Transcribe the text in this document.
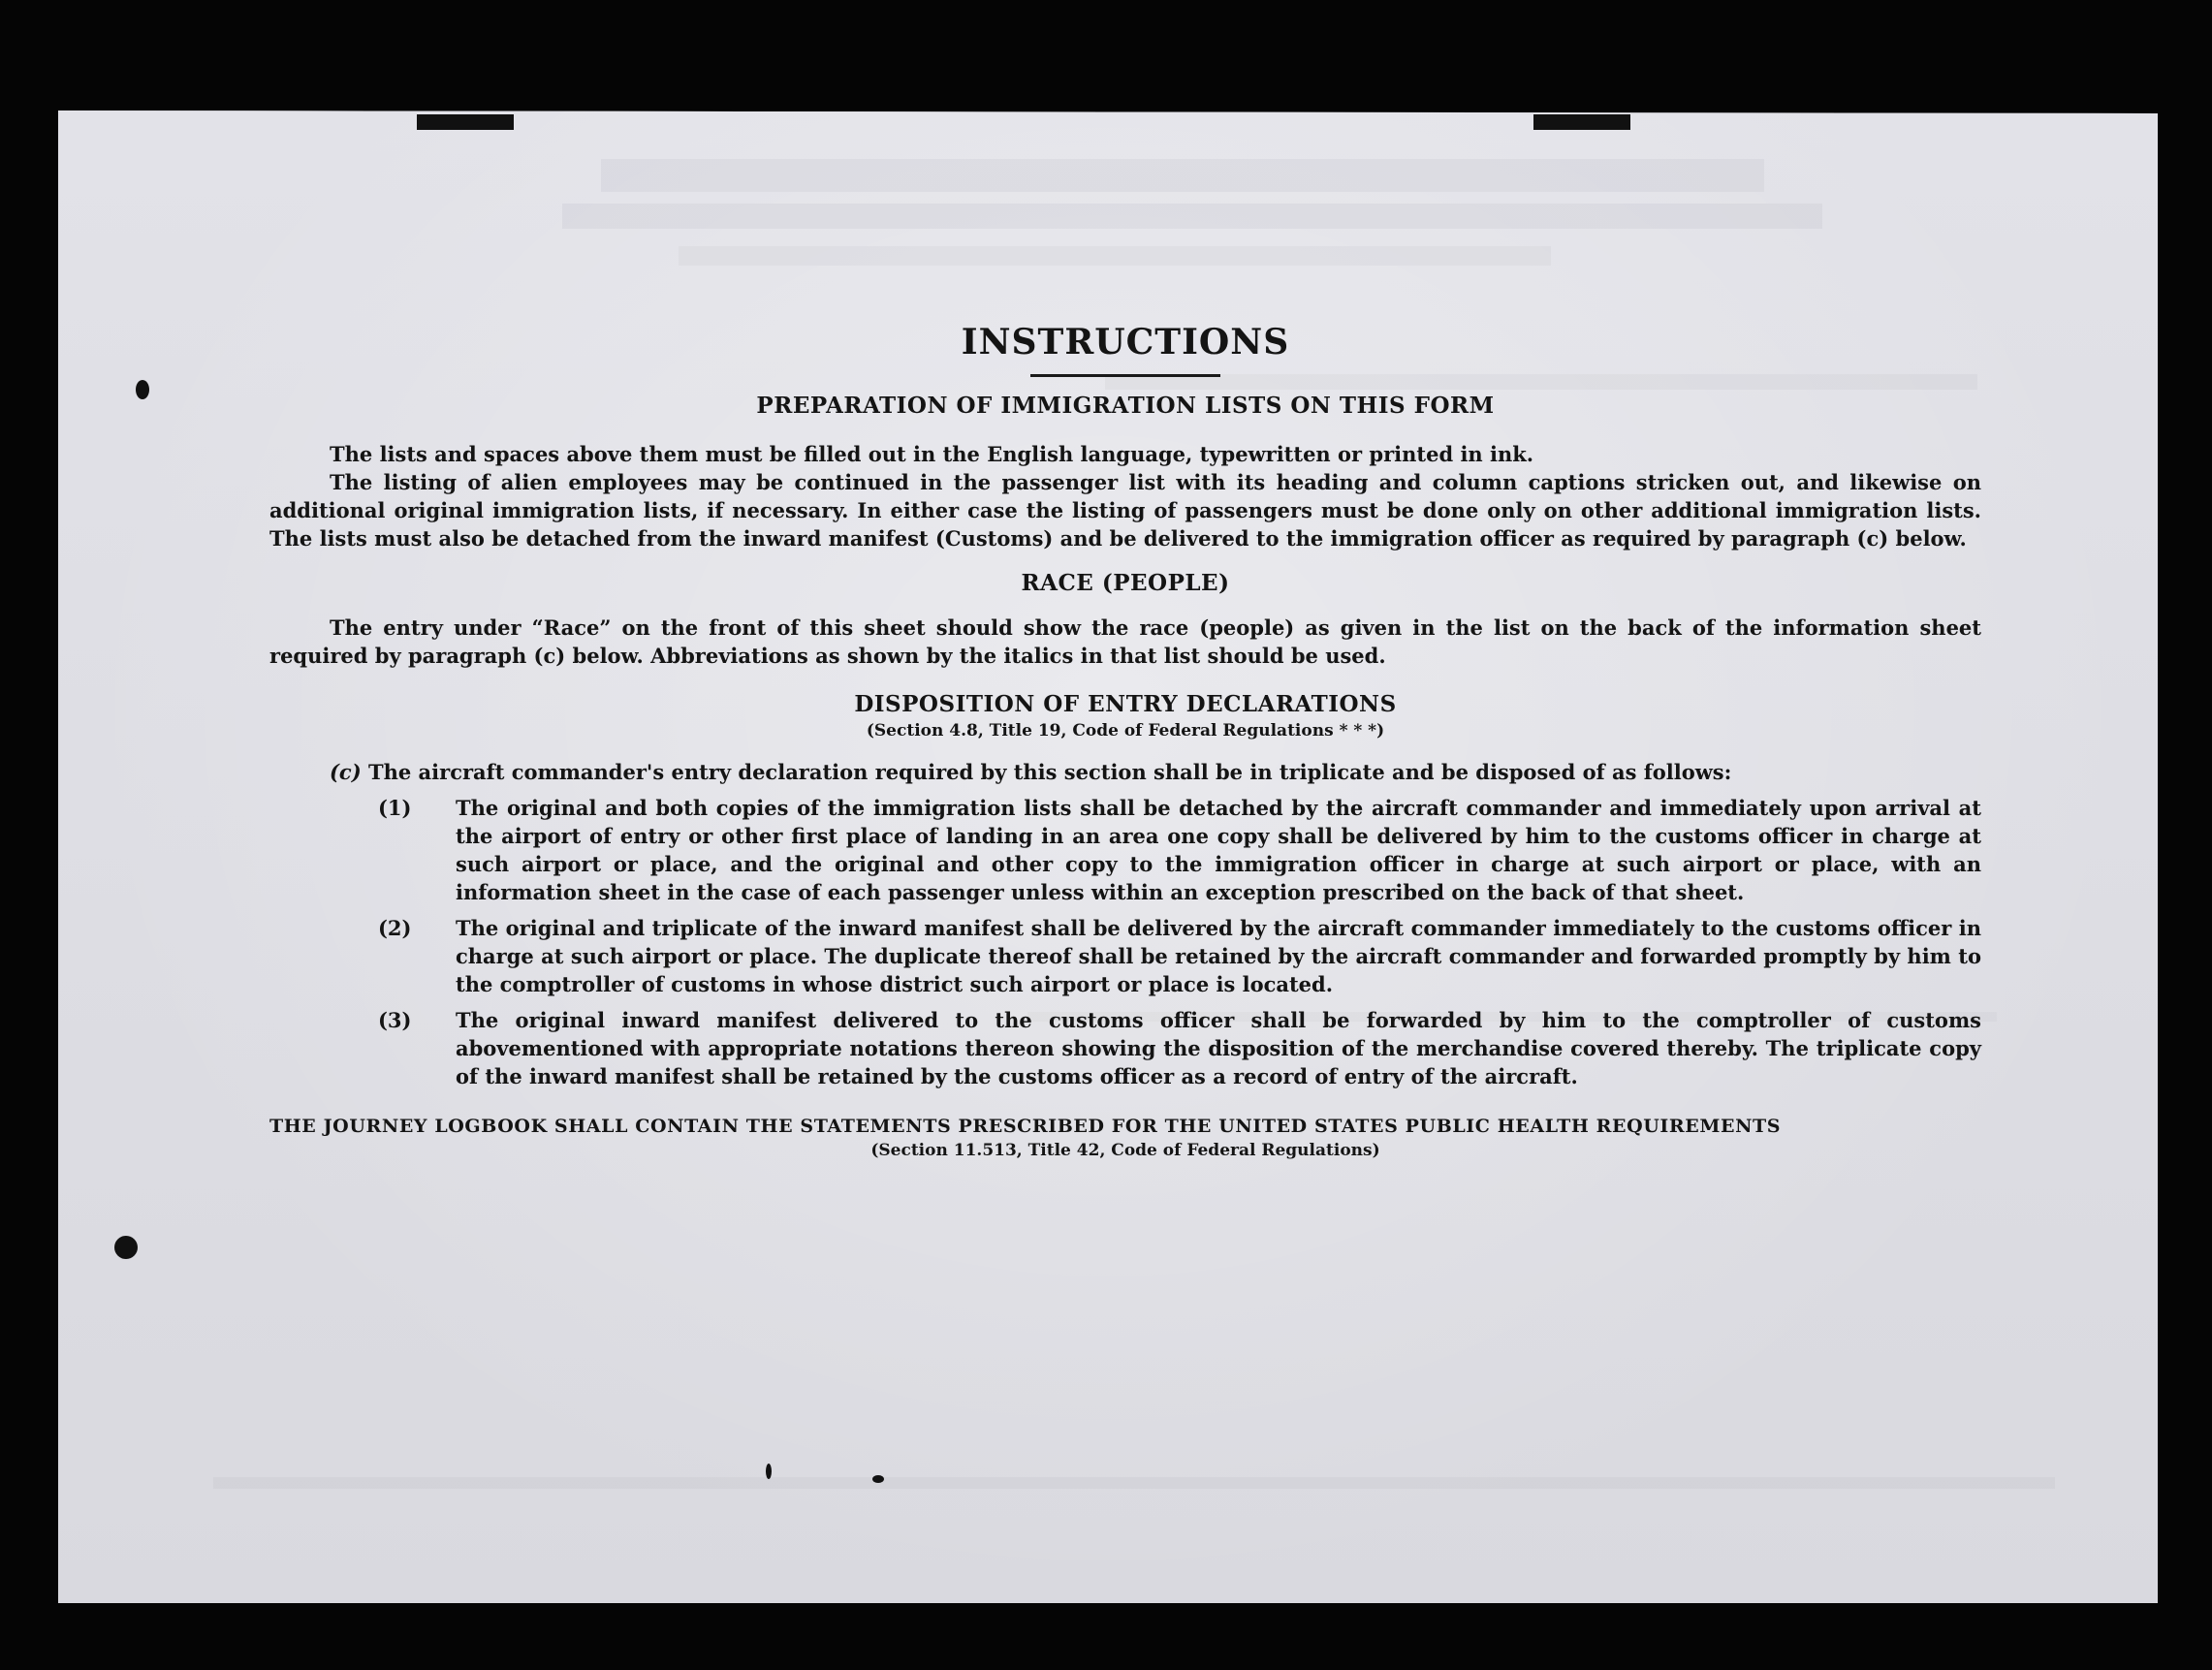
INSTRUCTIONS
PREPARATION OF IMMIGRATION LISTS ON THIS FORM

The lists and spaces above them must be filled out in the English language, typewritten or printed in ink.

The listing of alien employees may be continued in the passenger list with its heading and column captions stricken out, and likewise on additional original immigration lists, if necessary. In either case the listing of passengers must be done only on other additional immigration lists. The lists must also be detached from the inward manifest (Customs) and be delivered to the immigration officer as required by paragraph (c) below.

RACE (PEOPLE)

The entry under “Race” on the front of this sheet should show the race (people) as given in the list on the back of the information sheet required by paragraph (c) below. Abbreviations as shown by the italics in that list should be used.

DISPOSITION OF ENTRY DECLARATIONS
(Section 4.8, Title 19, Code of Federal Regulations * * *)
(c) The aircraft commander's entry declaration required by this section shall be in triplicate and be disposed of as follows:
(1) The original and both copies of the immigration lists shall be detached by the aircraft commander and immediately upon arrival at the airport of entry or other first place of landing in an area one copy shall be delivered by him to the customs officer in charge at such airport or place, and the original and other copy to the immigration officer in charge at such airport or place, with an information sheet in the case of each passenger unless within an exception prescribed on the back of that sheet.
(2) The original and triplicate of the inward manifest shall be delivered by the aircraft commander immediately to the customs officer in charge at such airport or place. The duplicate thereof shall be retained by the aircraft commander and forwarded promptly by him to the comptroller of customs in whose district such airport or place is located.
(3) The original inward manifest delivered to the customs officer shall be forwarded by him to the comptroller of customs abovementioned with appropriate notations thereon showing the disposition of the merchandise covered thereby. The triplicate copy of the inward manifest shall be retained by the customs officer as a record of entry of the aircraft.
THE JOURNEY LOGBOOK SHALL CONTAIN THE STATEMENTS PRESCRIBED FOR THE UNITED STATES PUBLIC HEALTH REQUIREMENTS
(Section 11.513, Title 42, Code of Federal Regulations)
